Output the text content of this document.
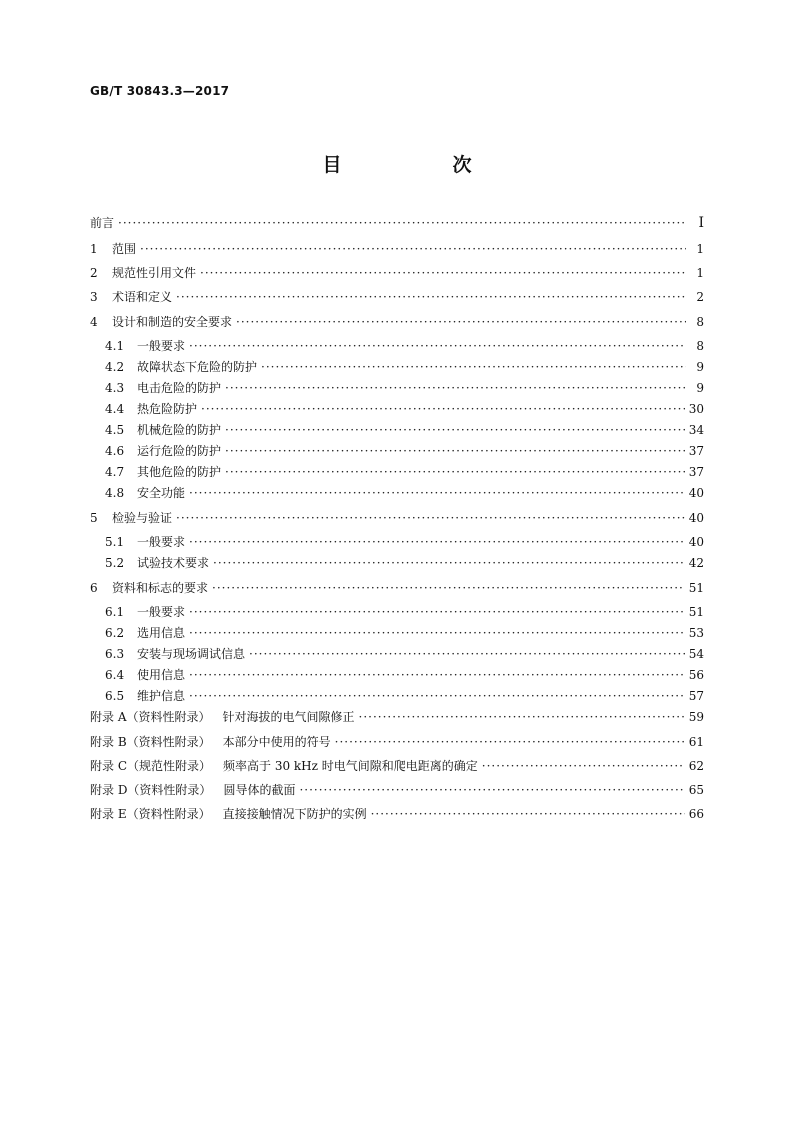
GB/T 30843.3—2017
目　次
前言 ·····	Ⅰ
1	范围 ·····	1
2	规范性引用文件 ·····	1
3	术语和定义 ·····	2
4	设计和制造的安全要求 ·····	8
4.1	一般要求 ·····	8
4.2	故障状态下危险的防护 ·····	9
4.3	电击危险的防护 ·····	9
4.4	热危险防护 ·····	30
4.5	机械危险的防护 ·····	34
4.6	运行危险的防护 ·····	37
4.7	其他危险的防护 ·····	37
4.8	安全功能 ·····	40
5	检验与验证 ·····	40
5.1	一般要求 ·····	40
5.2	试验技术要求 ·····	42
6	资料和标志的要求 ·····	51
6.1	一般要求 ·····	51
6.2	选用信息 ·····	53
6.3	安装与现场调试信息 ·····	54
6.4	使用信息 ·····	56
6.5	维护信息 ·····	57
附录 A（资料性附录） 针对海拔的电气间隙修正 ·····	59
附录 B（资料性附录） 本部分中使用的符号 ·····	61
附录 C（规范性附录） 频率高于 30 kHz 时电气间隙和爬电距离的确定 ·····	62
附录 D（资料性附录） 圆导体的截面 ·····	65
附录 E（资料性附录） 直接接触情况下防护的实例 ·····	66
